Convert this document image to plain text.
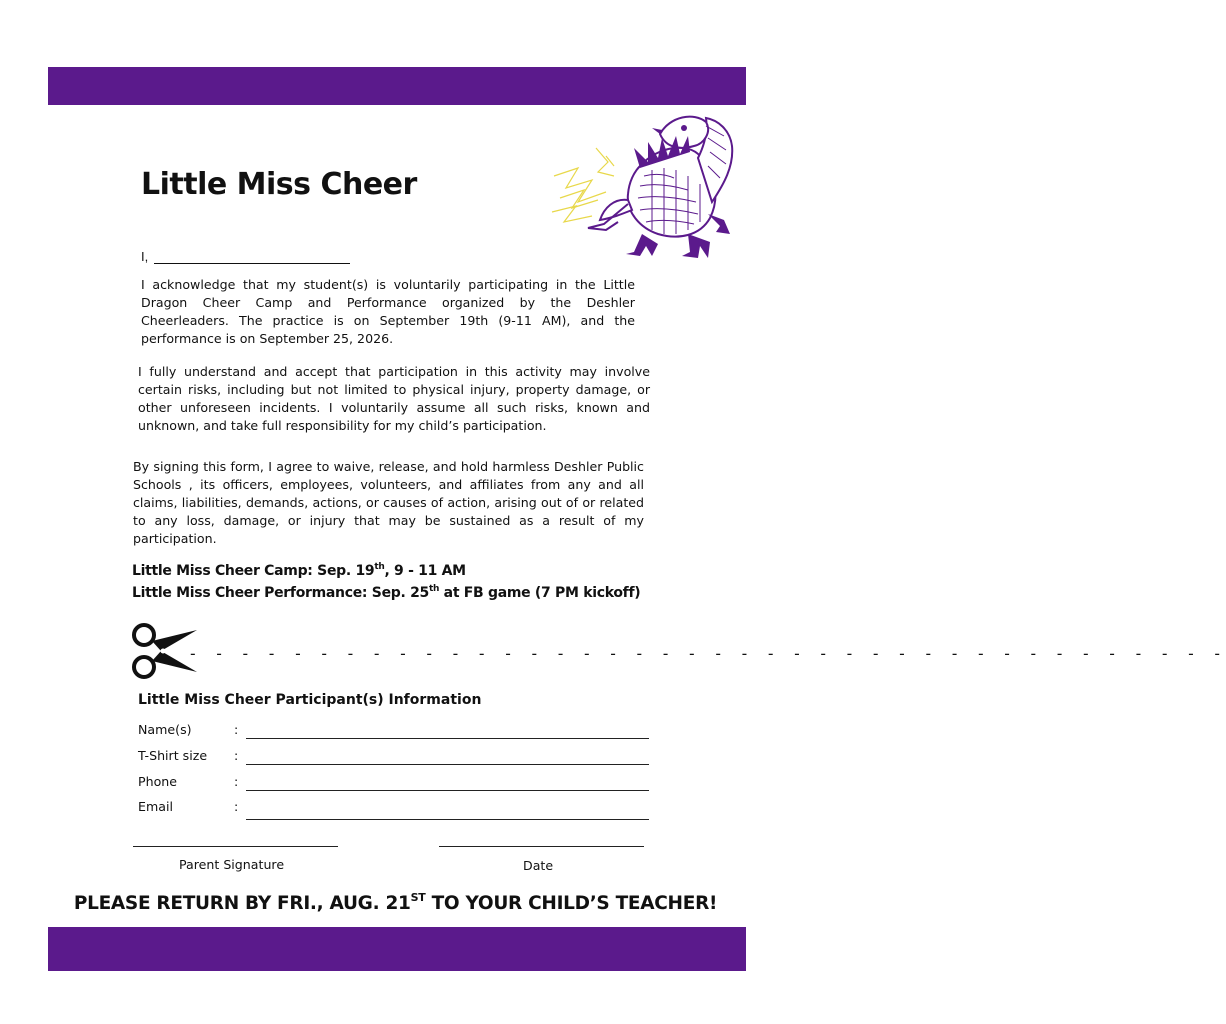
Little Miss Cheer
I,

I acknowledge that my student(s) is voluntarily participating in the Little Dragon Cheer Camp and Performance organized by the Deshler Cheerleaders. The practice is on September 19th (9-11 AM), and the performance is on September 25, 2026.

I fully understand and accept that participation in this activity may involve certain risks, including but not limited to physical injury, property damage, or other unforeseen incidents. I voluntarily assume all such risks, known and unknown, and take full responsibility for my child’s participation.

By signing this form, I agree to waive, release, and hold harmless Deshler Public Schools , its officers, employees, volunteers, and affiliates from any and all claims, liabilities, demands, actions, or causes of action, arising out of or related to any loss, damage, or injury that may be sustained as a result of my participation.

Little Miss Cheer Camp: Sep. 19th, 9 - 11 AM

Little Miss Cheer Performance: Sep. 25th at FB game (7 PM kickoff)

- - - - - - - - - - - - - - - - - - - - - - - - - - - - - - - - - - - - - - - -

Little Miss Cheer Participant(s) Information
Name(s)	:
T-Shirt size :
Phone	:
Email	:
Parent Signature	Date

PLEASE RETURN BY FRI., AUG. 21ST TO YOUR CHILD’S TEACHER!
